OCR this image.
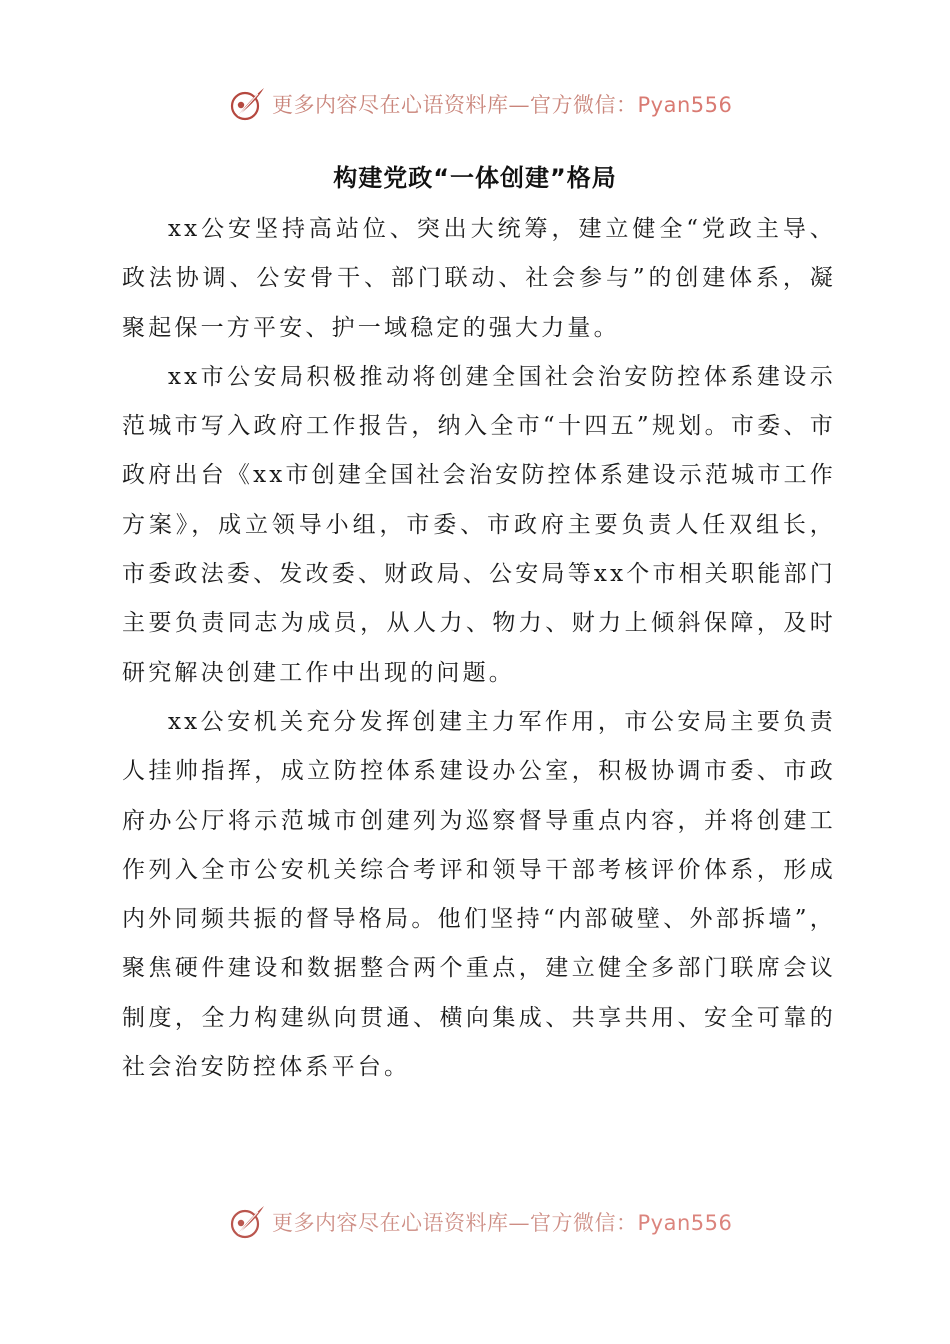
更多内容尽在心语资料库—官方微信：Pyan556
构建党政“一体创建”格局

xx公安坚持高站位、突出大统筹，建立健全“党政主导、政法协调、公安骨干、部门联动、社会参与”的创建体系，凝聚起保一方平安、护一域稳定的强大力量。

xx市公安局积极推动将创建全国社会治安防控体系建设示范城市写入政府工作报告，纳入全市“十四五”规划。市委、市政府出台《xx市创建全国社会治安防控体系建设示范城市工作方案》，成立领导小组，市委、市政府主要负责人任双组长，市委政法委、发改委、财政局、公安局等xx个市相关职能部门主要负责同志为成员，从人力、物力、财力上倾斜保障，及时研究解决创建工作中出现的问题。

xx公安机关充分发挥创建主力军作用，市公安局主要负责人挂帅指挥，成立防控体系建设办公室，积极协调市委、市政府办公厅将示范城市创建列为巡察督导重点内容，并将创建工作列入全市公安机关综合考评和领导干部考核评价体系，形成内外同频共振的督导格局。他们坚持“内部破壁、外部拆墙”，聚焦硬件建设和数据整合两个重点，建立健全多部门联席会议制度，全力构建纵向贯通、横向集成、共享共用、安全可靠的社会治安防控体系平台。

更多内容尽在心语资料库—官方微信：Pyan556
